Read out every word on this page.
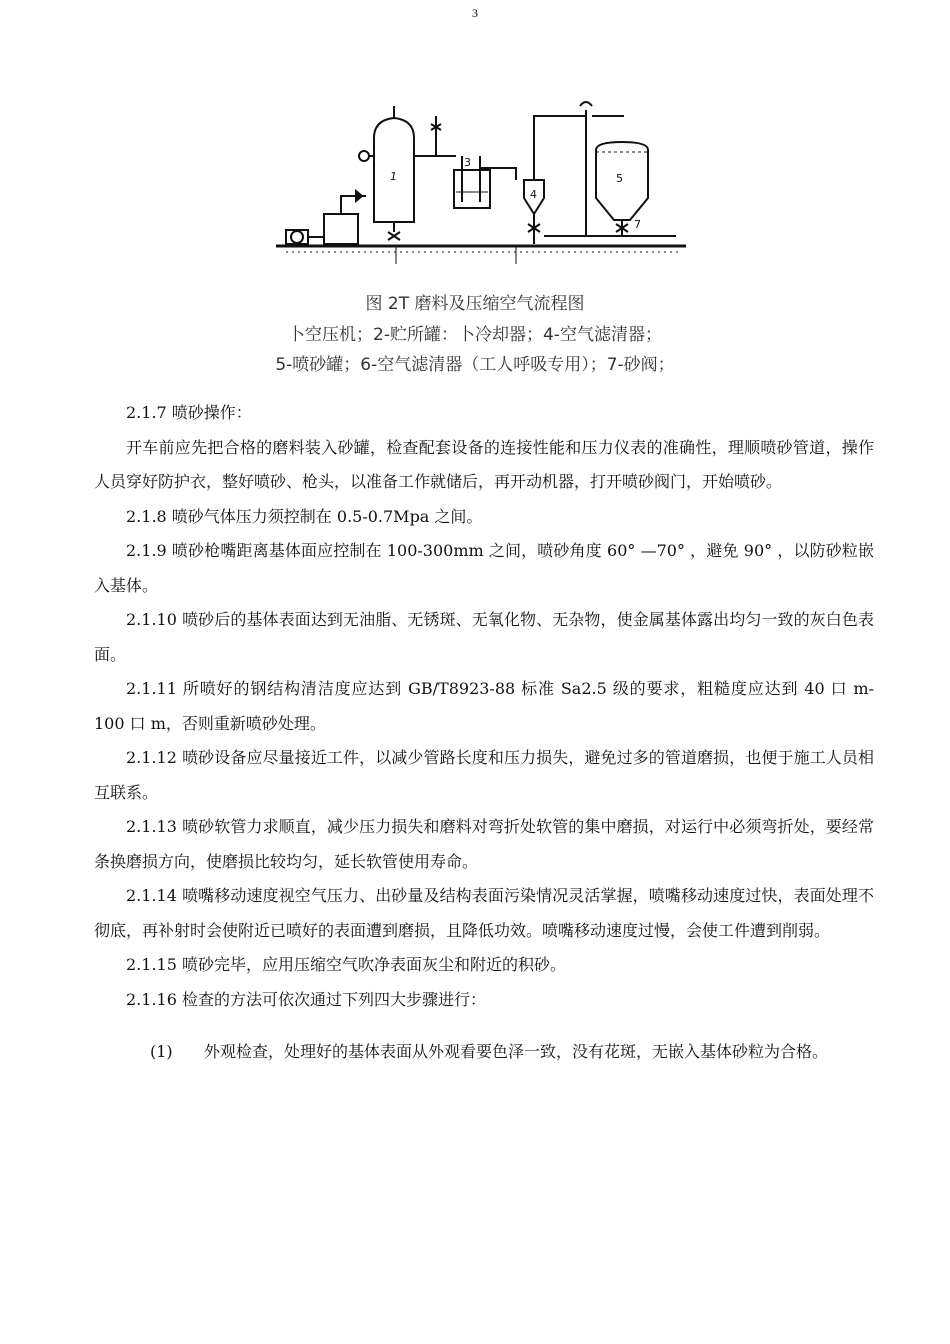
3
1
3
4
5
7
图 2T 磨料及压缩空气流程图
卜空压机；2-贮所罐：卜冷却器；4-空气滤清器；
5-喷砂罐；6-空气滤清器（工人呼吸专用）；7-砂阀；

2.1.7 喷砂操作：

开车前应先把合格的磨料装入砂罐，检查配套设备的连接性能和压力仪表的准确性，理顺喷砂管道，操作人员穿好防护衣，整好喷砂、枪头，以准备工作就储后，再开动机器，打开喷砂阀门，开始喷砂。

2.1.8 喷砂气体压力须控制在 0.5-0.7Mpa 之间。

2.1.9 喷砂枪嘴距离基体面应控制在 100-300mm 之间，喷砂角度 60° —70° ，避免 90° ，以防砂粒嵌入基体。

2.1.10 喷砂后的基体表面达到无油脂、无锈斑、无氧化物、无杂物，使金属基体露出均匀一致的灰白色表面。

2.1.11 所喷好的钢结构清洁度应达到 GB/T8923-88 标准 Sa2.5 级的要求，粗糙度应达到 40 口 m-100 口 m，否则重新喷砂处理。

2.1.12 喷砂设备应尽量接近工件，以减少管路长度和压力损失，避免过多的管道磨损，也便于施工人员相互联系。

2.1.13 喷砂软管力求顺直，减少压力损失和磨料对弯折处软管的集中磨损，对运行中必须弯折处，要经常条换磨损方向，使磨损比较均匀，延长软管使用寿命。

2.1.14 喷嘴移动速度视空气压力、出砂量及结构表面污染情况灵活掌握，喷嘴移动速度过快，表面处理不彻底，再补射时会使附近已喷好的表面遭到磨损，且降低功效。喷嘴移动速度过慢，会使工件遭到削弱。

2.1.15 喷砂完毕，应用压缩空气吹净表面灰尘和附近的积砂。

2.1.16 检查的方法可依次通过下列四大步骤进行：

(1) 外观检查，处理好的基体表面从外观看要色泽一致，没有花斑，无嵌入基体砂粒为合格。
